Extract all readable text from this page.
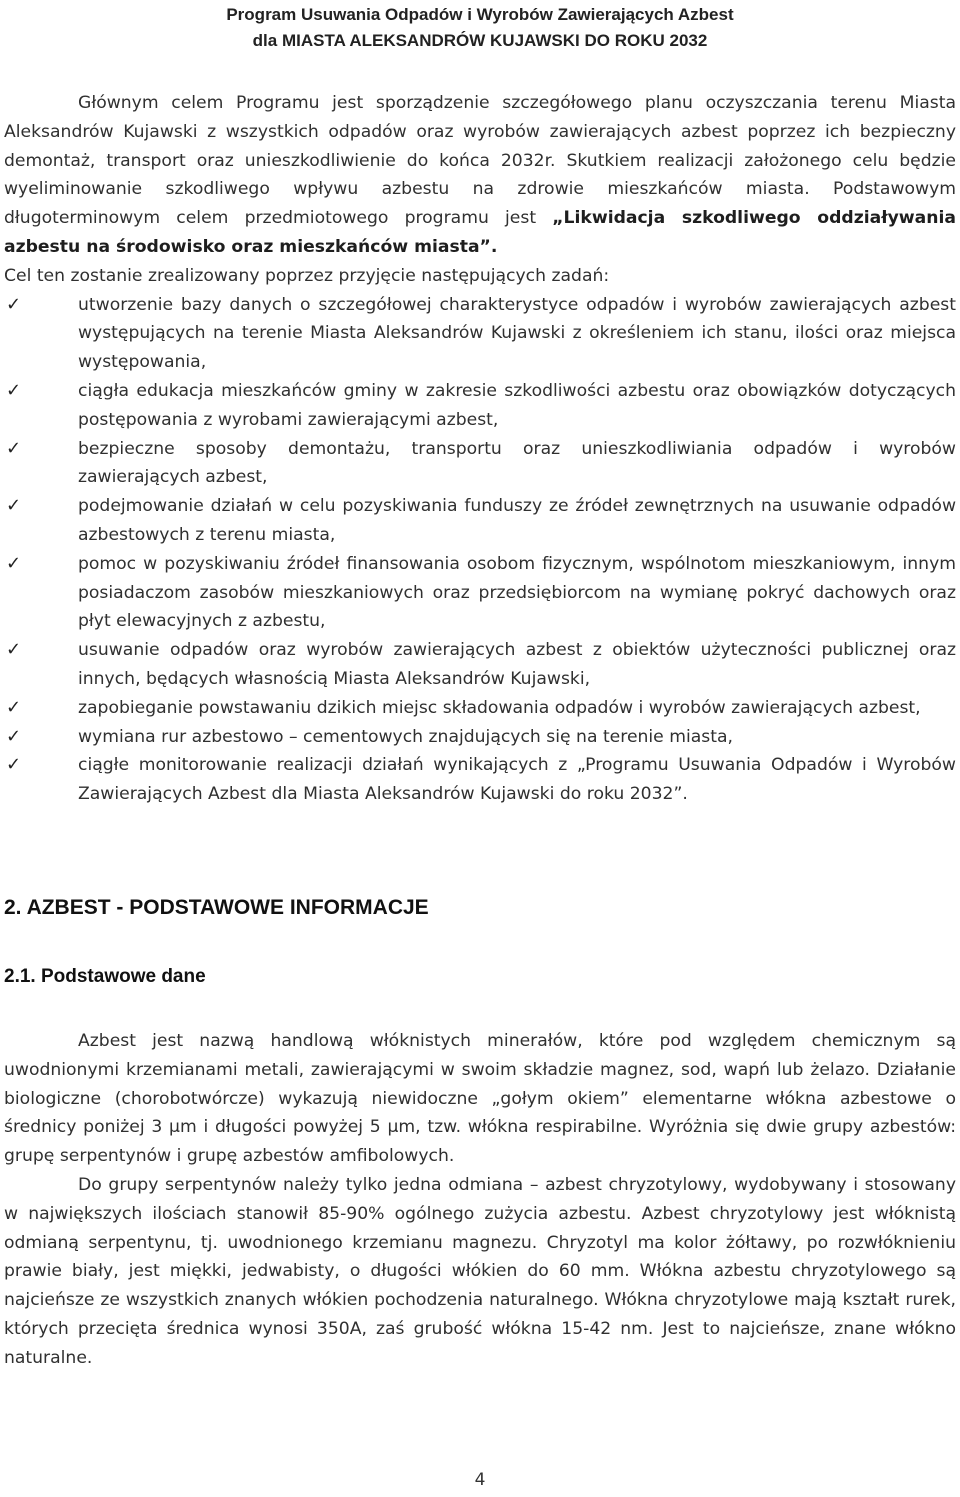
Program Usuwania Odpadów i Wyrobów Zawierających Azbest
dla MIASTA ALEKSANDRÓW KUJAWSKI DO ROKU 2032

Głównym celem Programu jest sporządzenie szczegółowego planu oczyszczania terenu Miasta Aleksandrów Kujawski z wszystkich odpadów oraz wyrobów zawierających azbest poprzez ich bezpieczny demontaż, transport oraz unieszkodliwienie do końca 2032r. Skutkiem realizacji założonego celu będzie wyeliminowanie szkodliwego wpływu azbestu na zdrowie mieszkańców miasta. Podstawowym długoterminowym celem przedmiotowego programu jest „Likwidacja szkodliwego oddziaływania azbestu na środowisko oraz mieszkańców miasta”.

Cel ten zostanie zrealizowany poprzez przyjęcie następujących zadań:

✓	utworzenie bazy danych o szczegółowej charakterystyce odpadów i wyrobów zawierających azbest występujących na terenie Miasta Aleksandrów Kujawski z określeniem ich stanu, ilości oraz miejsca występowania,
✓	ciągła edukacja mieszkańców gminy w zakresie szkodliwości azbestu oraz obowiązków dotyczących postępowania z wyrobami zawierającymi azbest,
✓	bezpieczne sposoby demontażu, transportu oraz unieszkodliwiania odpadów i wyrobów zawierających azbest,
✓	podejmowanie działań w celu pozyskiwania funduszy ze źródeł zewnętrznych na usuwanie odpadów azbestowych z terenu miasta,
✓	pomoc w pozyskiwaniu źródeł finansowania osobom fizycznym, wspólnotom mieszkaniowym, innym posiadaczom zasobów mieszkaniowych oraz przedsiębiorcom na wymianę pokryć dachowych oraz płyt elewacyjnych z azbestu,
✓	usuwanie odpadów oraz wyrobów zawierających azbest z obiektów użyteczności publicznej oraz innych, będących własnością Miasta Aleksandrów Kujawski,
✓	zapobieganie powstawaniu dzikich miejsc składowania odpadów i wyrobów zawierających azbest,
✓	wymiana rur azbestowo – cementowych znajdujących się na terenie miasta,
✓	ciągłe monitorowanie realizacji działań wynikających z „Programu Usuwania Odpadów i Wyrobów Zawierających Azbest dla Miasta Aleksandrów Kujawski do roku 2032”.
2. AZBEST - PODSTAWOWE INFORMACJE
2.1. Podstawowe dane

Azbest jest nazwą handlową włóknistych minerałów, które pod względem chemicznym są uwodnionymi krzemianami metali, zawierającymi w swoim składzie magnez, sod, wapń lub żelazo. Działanie biologiczne (chorobotwórcze) wykazują niewidoczne „gołym okiem” elementarne włókna azbestowe o średnicy poniżej 3 µm i długości powyżej 5 µm, tzw. włókna respirabilne. Wyróżnia się dwie grupy azbestów: grupę serpentynów i grupę azbestów amfibolowych.

Do grupy serpentynów należy tylko jedna odmiana – azbest chryzotylowy, wydobywany i stosowany w największych ilościach stanowił 85-90% ogólnego zużycia azbestu. Azbest chryzotylowy jest włóknistą odmianą serpentynu, tj. uwodnionego krzemianu magnezu. Chryzotyl ma kolor żółtawy, po rozwłóknieniu prawie biały, jest miękki, jedwabisty, o długości włókien do 60 mm. Włókna azbestu chryzotylowego są najcieńsze ze wszystkich znanych włókien pochodzenia naturalnego. Włókna chryzotylowe mają kształt rurek, których przecięta średnica wynosi 350A, zaś grubość włókna 15-42 nm. Jest to najcieńsze, znane włókno naturalne.

4
